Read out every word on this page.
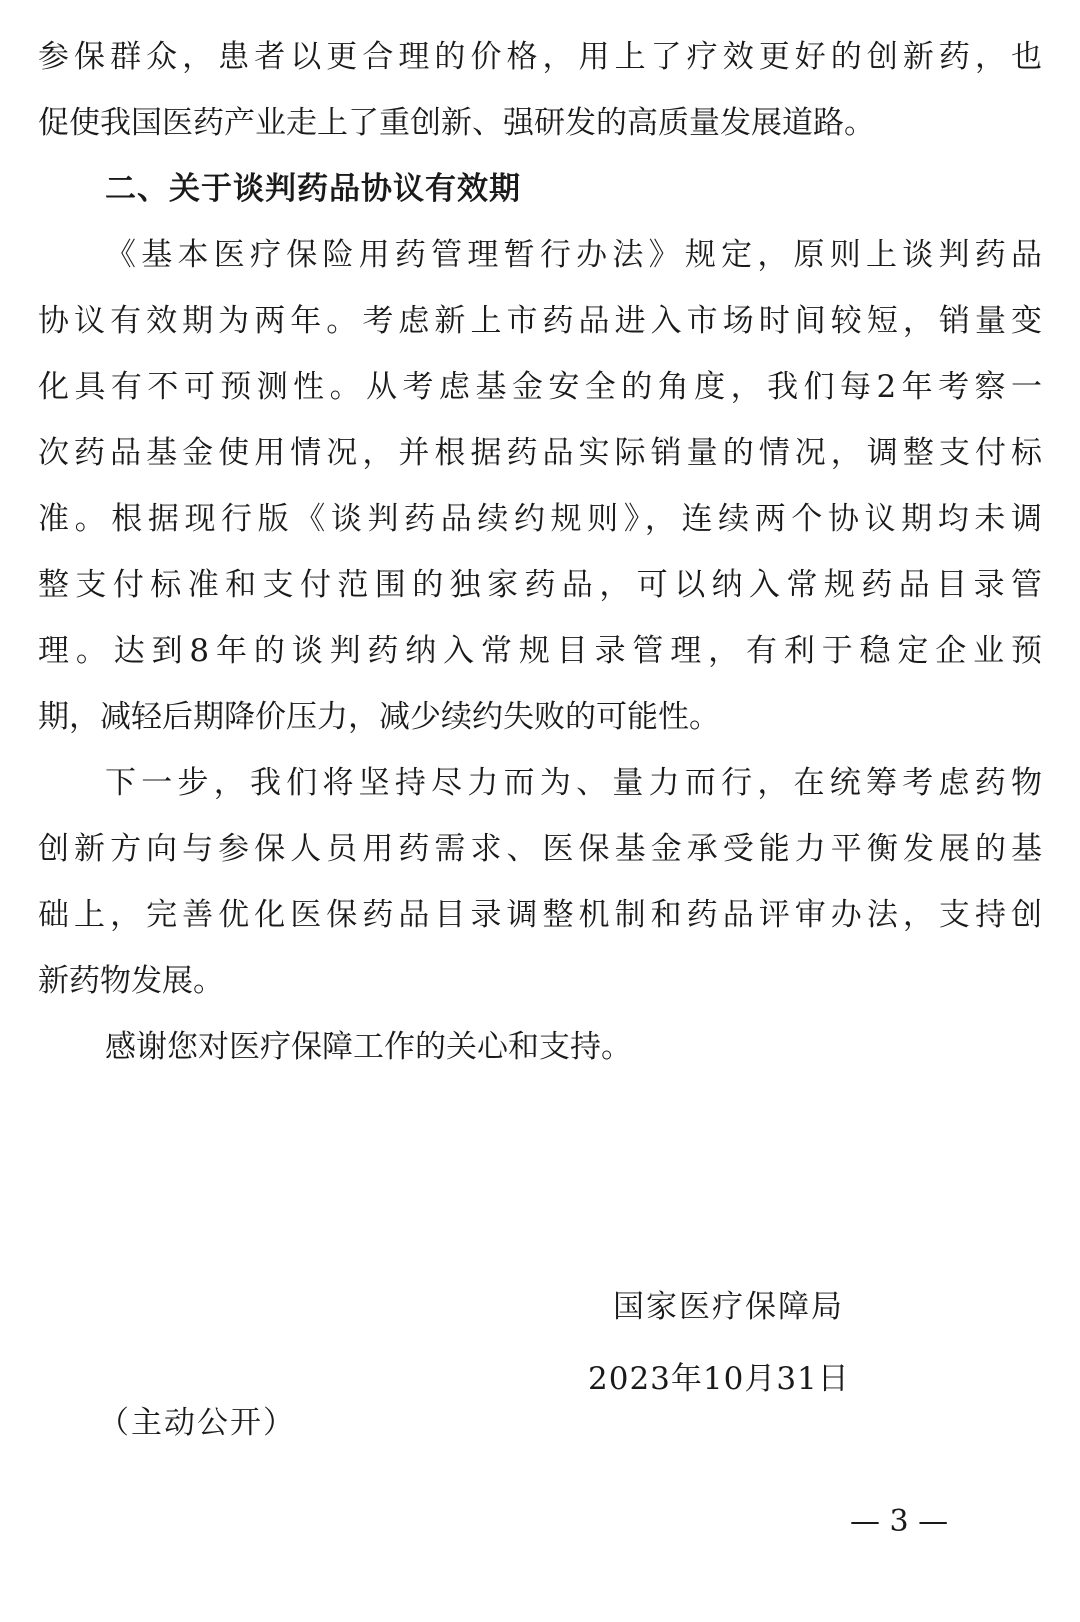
参保群众，患者以更合理的价格，用上了疗效更好的创新药，也
促使我国医药产业走上了重创新、强研发的高质量发展道路。
二、关于谈判药品协议有效期
《基本医疗保险用药管理暂行办法》规定，原则上谈判药品
协议有效期为两年。考虑新上市药品进入市场时间较短，销量变
化具有不可预测性。从考虑基金安全的角度，我们每2年考察一
次药品基金使用情况，并根据药品实际销量的情况，调整支付标
准。根据现行版《谈判药品续约规则》，连续两个协议期均未调
整支付标准和支付范围的独家药品，可以纳入常规药品目录管
理。达到8年的谈判药纳入常规目录管理，有利于稳定企业预
期，减轻后期降价压力，减少续约失败的可能性。
下一步，我们将坚持尽力而为、量力而行，在统筹考虑药物
创新方向与参保人员用药需求、医保基金承受能力平衡发展的基
础上，完善优化医保药品目录调整机制和药品评审办法，支持创
新药物发展。
感谢您对医疗保障工作的关心和支持。
国家医疗保障局
2023年10月31日
（主动公开）
— 3 —
